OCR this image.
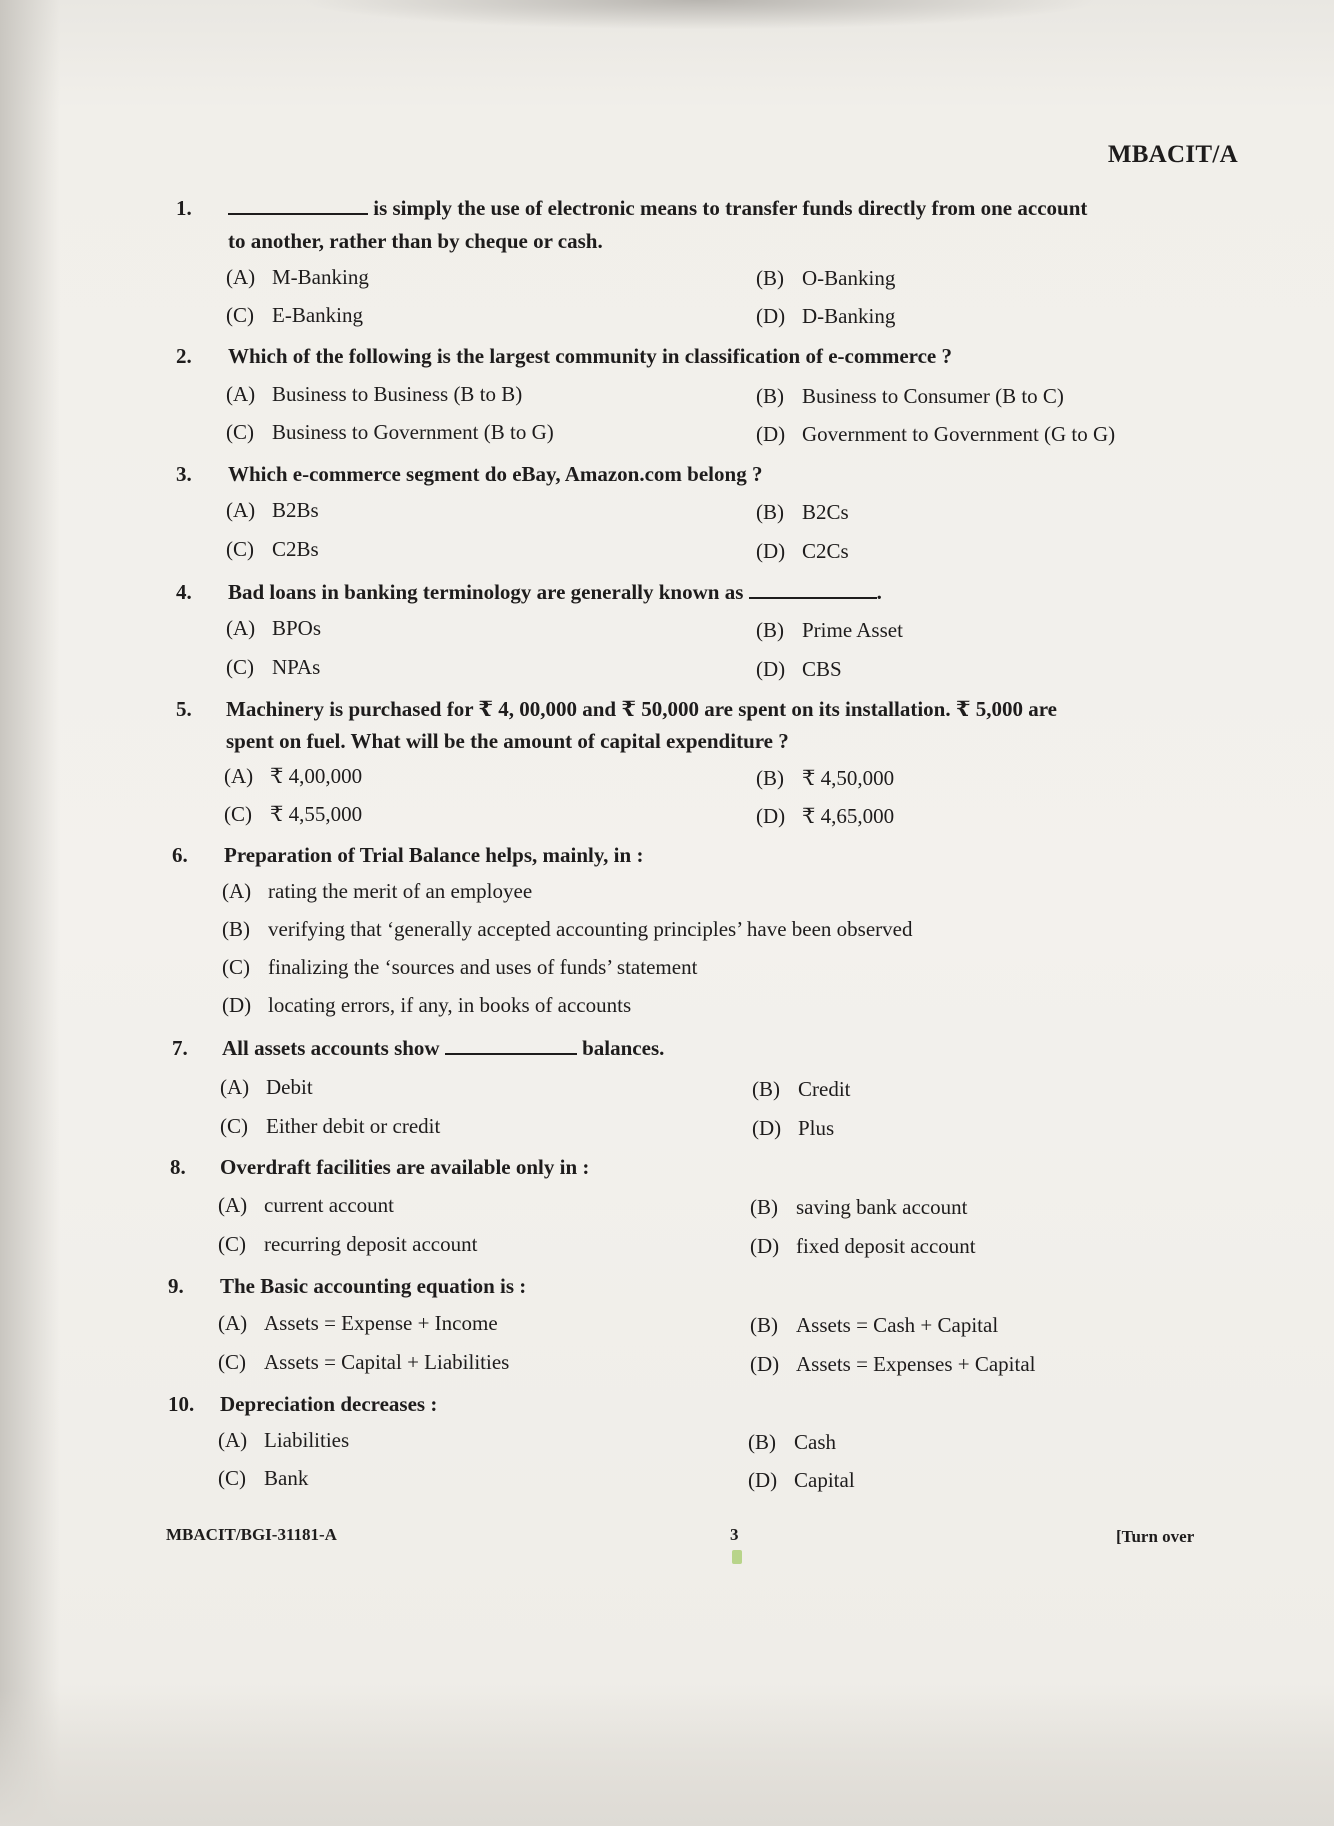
MBACIT/A
1.	is simply the use of electronic means to transfer funds directly from one account
to another, rather than by cheque or cash.
(A) M-Banking	(B) O-Banking
(C) E-Banking	(D) D-Banking
2. Which of the following is the largest community in classification of e-commerce ?
(A) Business to Business (B to B)	(B) Business to Consumer (B to C)
(C) Business to Government (B to G)	(D) Government to Government (G to G)
3. Which e-commerce segment do eBay, Amazon.com belong ?
(A) B2Bs	(B) B2Cs
(C) C2Bs	(D) C2Cs
4. Bad loans in banking terminology are generally known as	.
(A) BPOs	(B) Prime Asset
(C) NPAs	(D) CBS
5. Machinery is purchased for ₹ 4, 00,000 and ₹ 50,000 are spent on its installation. ₹ 5,000 are
spent on fuel. What will be the amount of capital expenditure ?
(A) ₹ 4,00,000	(B) ₹ 4,50,000
(C) ₹ 4,55,000	(D) ₹ 4,65,000
6. Preparation of Trial Balance helps, mainly, in :
(A) rating the merit of an employee
(B) verifying that ‘generally accepted accounting principles’ have been observed
(C) finalizing the ‘sources and uses of funds’ statement
(D) locating errors, if any, in books of accounts
7. All assets accounts show	balances.
(A) Debit	(B) Credit
(C) Either debit or credit	(D) Plus
8. Overdraft facilities are available only in :
(A) current account	(B) saving bank account
(C) recurring deposit account	(D) fixed deposit account
9. The Basic accounting equation is :
(A) Assets = Expense + Income	(B) Assets = Cash + Capital
(C) Assets = Capital + Liabilities	(D) Assets = Expenses + Capital
10. Depreciation decreases :
(A) Liabilities	(B) Cash
(C) Bank	(D) Capital
MBACIT/BGI-31181-A	3	[Turn over
